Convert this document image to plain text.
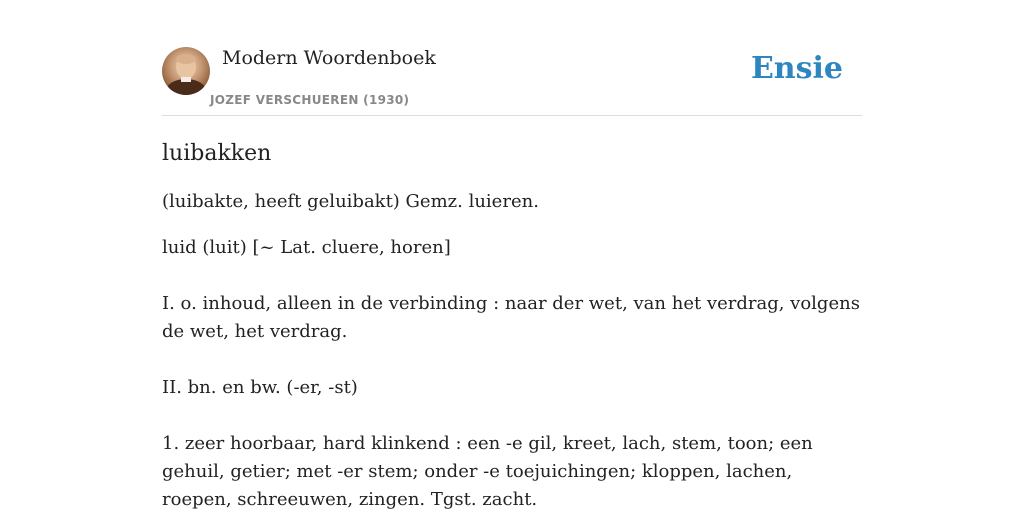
Modern Woordenboek
JOZEF VERSCHUEREN (1930)
Ensie
luibakken

(luibakte, heeft geluibakt) Gemz. luieren.

luid (luit) [~ Lat. cluere, horen]

I. o. inhoud, alleen in de verbinding : naar der wet, van het verdrag, volgens de wet, het verdrag.

II. bn. en bw. (-er, -st)

1. zeer hoorbaar, hard klinkend : een -e gil, kreet, lach, stem, toon; een gehuil, getier; met -er stem; onder -e toejuichingen; kloppen, lachen, roepen, schreeuwen, zingen. Tgst. zacht.
